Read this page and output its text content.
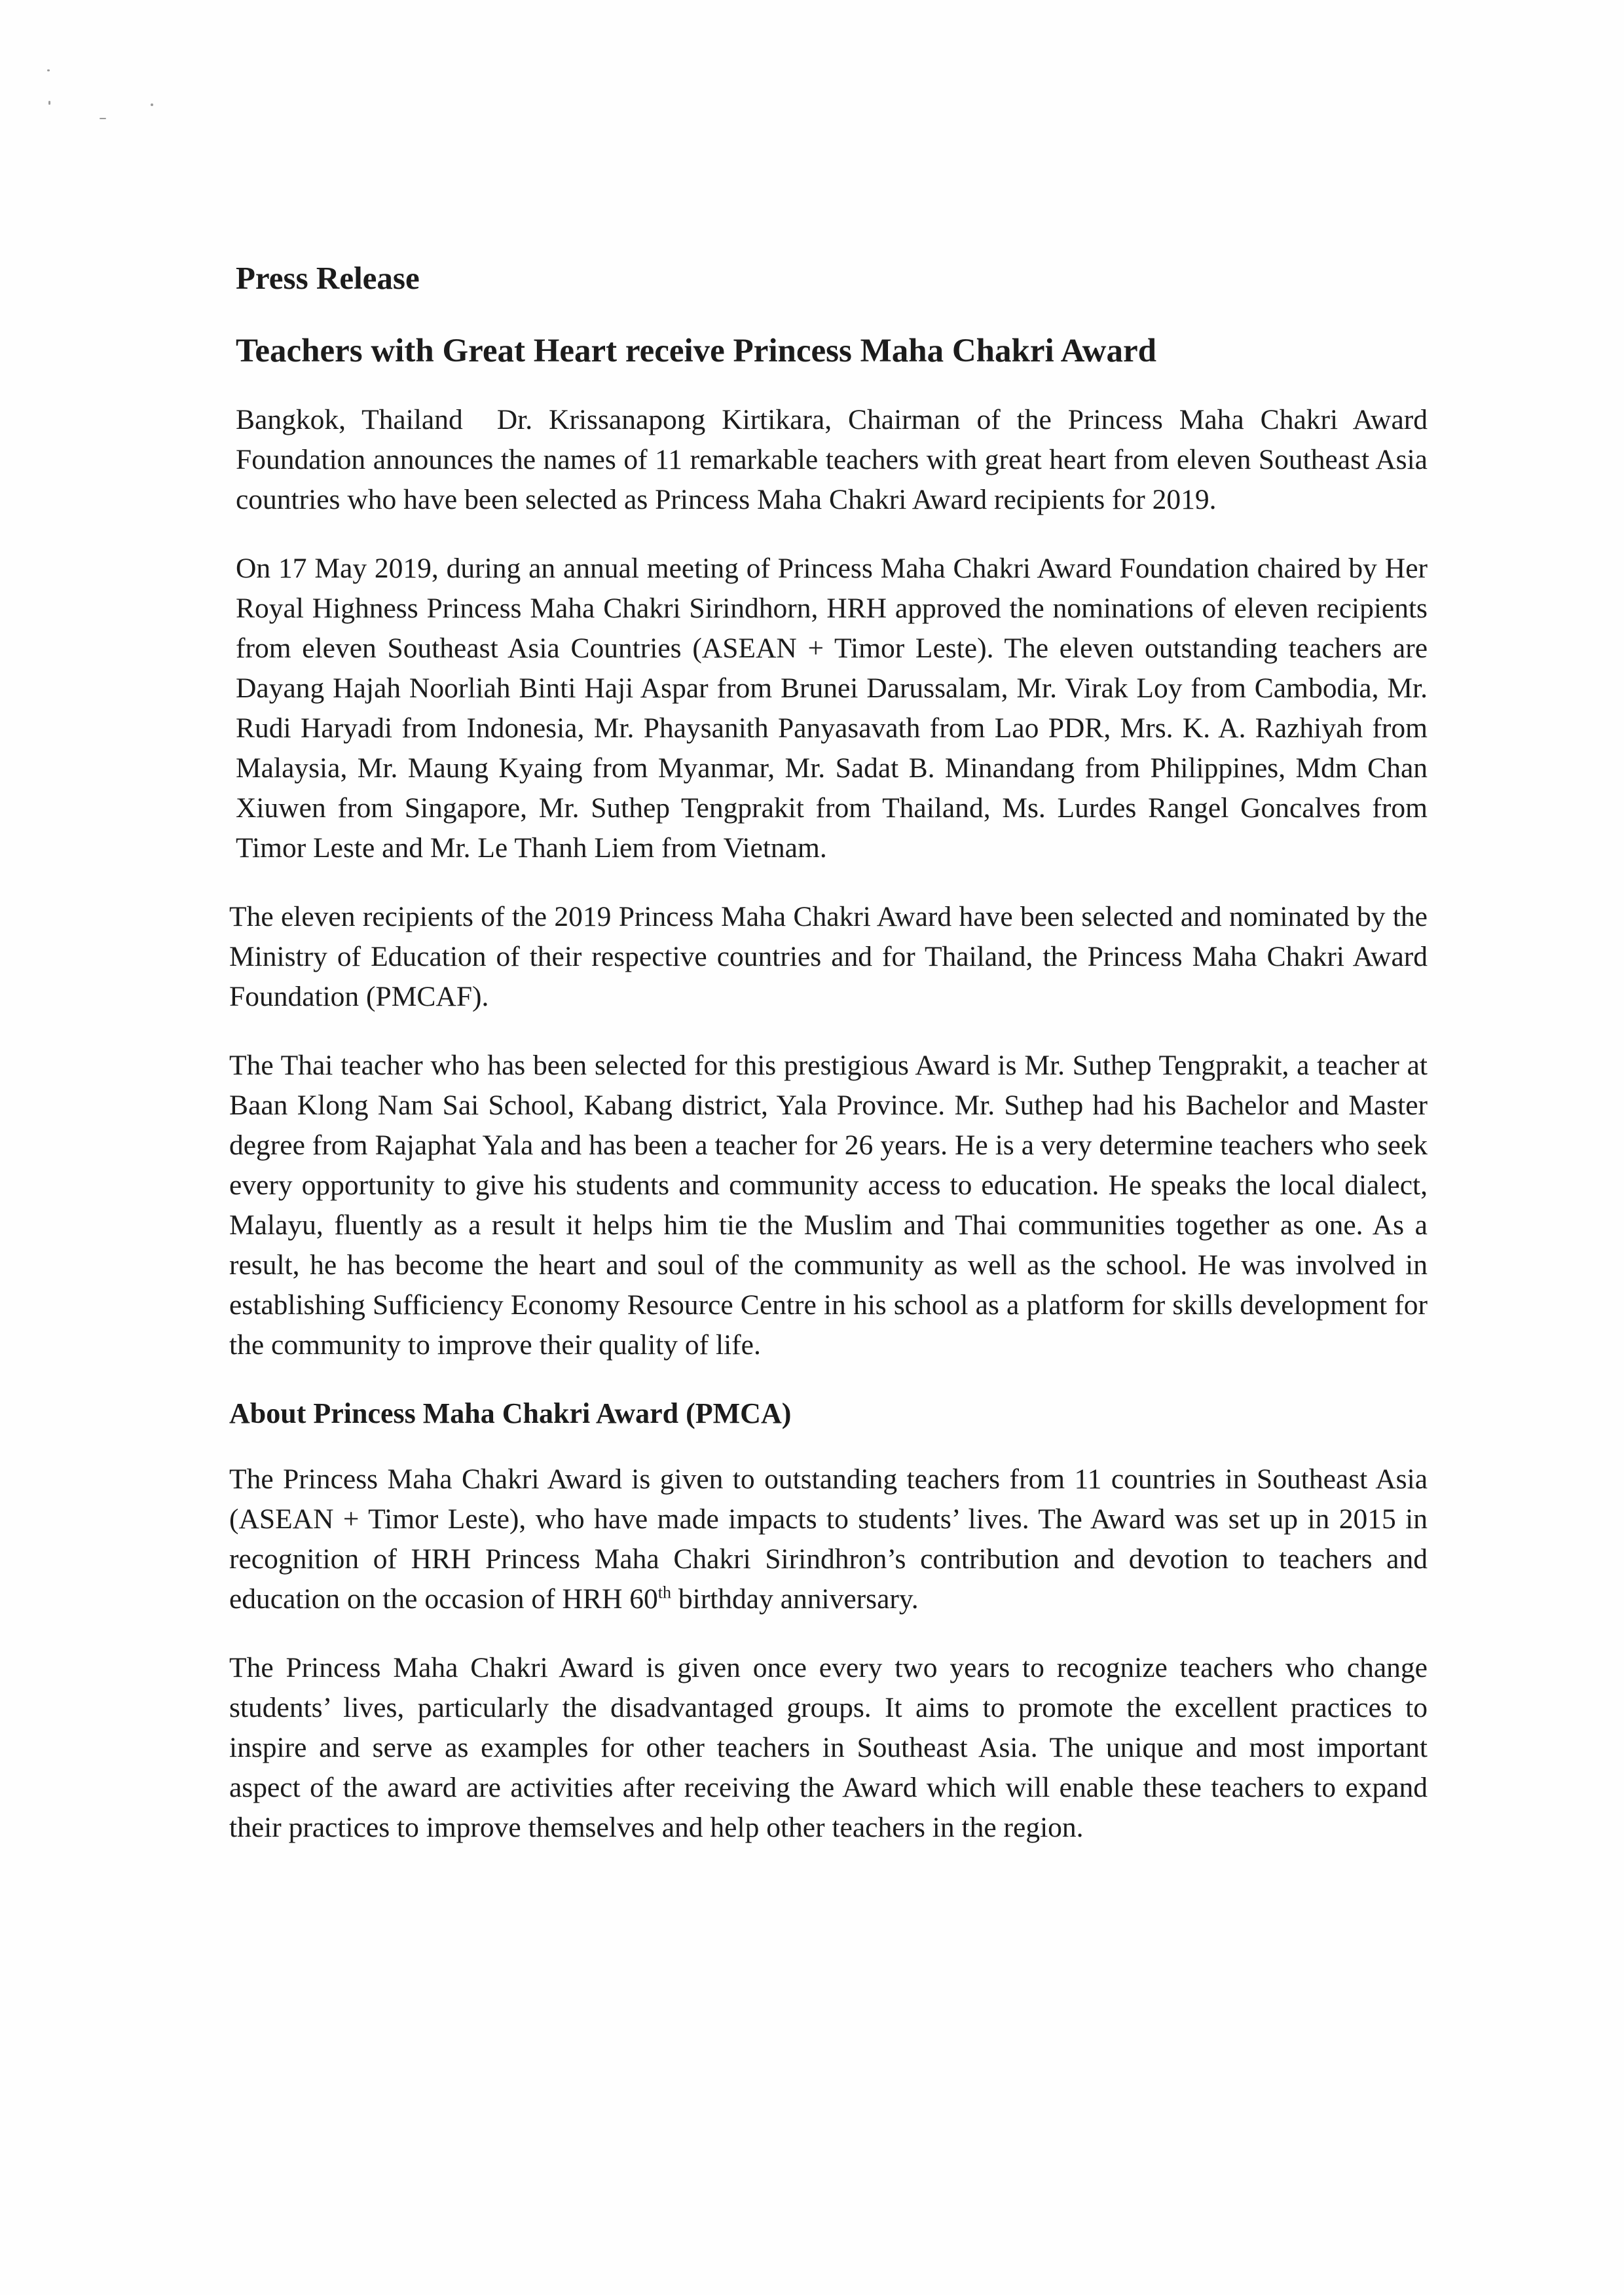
Press Release
Teachers with Great Heart receive Princess Maha Chakri Award

Bangkok, Thailand Dr. Krissanapong Kirtikara, Chairman of the Princess Maha Chakri Award Foundation announces the names of 11 remarkable teachers with great heart from eleven Southeast Asia countries who have been selected as Princess Maha Chakri Award recipients for 2019.

On 17 May 2019, during an annual meeting of Princess Maha Chakri Award Foundation chaired by Her Royal Highness Princess Maha Chakri Sirindhorn, HRH approved the nominations of eleven recipients from eleven Southeast Asia Countries (ASEAN + Timor Leste). The eleven outstanding teachers are Dayang Hajah Noorliah Binti Haji Aspar from Brunei Darussalam, Mr. Virak Loy from Cambodia, Mr. Rudi Haryadi from Indonesia, Mr. Phaysanith Panyasavath from Lao PDR, Mrs. K. A. Razhiyah from Malaysia, Mr. Maung Kyaing from Myanmar, Mr. Sadat B. Minandang from Philippines, Mdm Chan Xiuwen from Singapore, Mr. Suthep Tengprakit from Thailand, Ms. Lurdes Rangel Goncalves from Timor Leste and Mr. Le Thanh Liem from Vietnam.

The eleven recipients of the 2019 Princess Maha Chakri Award have been selected and nominated by the Ministry of Education of their respective countries and for Thailand, the Princess Maha Chakri Award Foundation (PMCAF).

The Thai teacher who has been selected for this prestigious Award is Mr. Suthep Tengprakit, a teacher at Baan Klong Nam Sai School, Kabang district, Yala Province. Mr. Suthep had his Bachelor and Master degree from Rajaphat Yala and has been a teacher for 26 years. He is a very determine teachers who seek every opportunity to give his students and community access to education. He speaks the local dialect, Malayu, fluently as a result it helps him tie the Muslim and Thai communities together as one. As a result, he has become the heart and soul of the community as well as the school. He was involved in establishing Sufficiency Economy Resource Centre in his school as a platform for skills development for the community to improve their quality of life.

About Princess Maha Chakri Award (PMCA)

The Princess Maha Chakri Award is given to outstanding teachers from 11 countries in Southeast Asia (ASEAN + Timor Leste), who have made impacts to students’ lives. The Award was set up in 2015 in recognition of HRH Princess Maha Chakri Sirindhron’s contribution and devotion to teachers and education on the occasion of HRH 60th birthday anniversary.

The Princess Maha Chakri Award is given once every two years to recognize teachers who change students’ lives, particularly the disadvantaged groups. It aims to promote the excellent practices to inspire and serve as examples for other teachers in Southeast Asia. The unique and most important aspect of the award are activities after receiving the Award which will enable these teachers to expand their practices to improve themselves and help other teachers in the region.
